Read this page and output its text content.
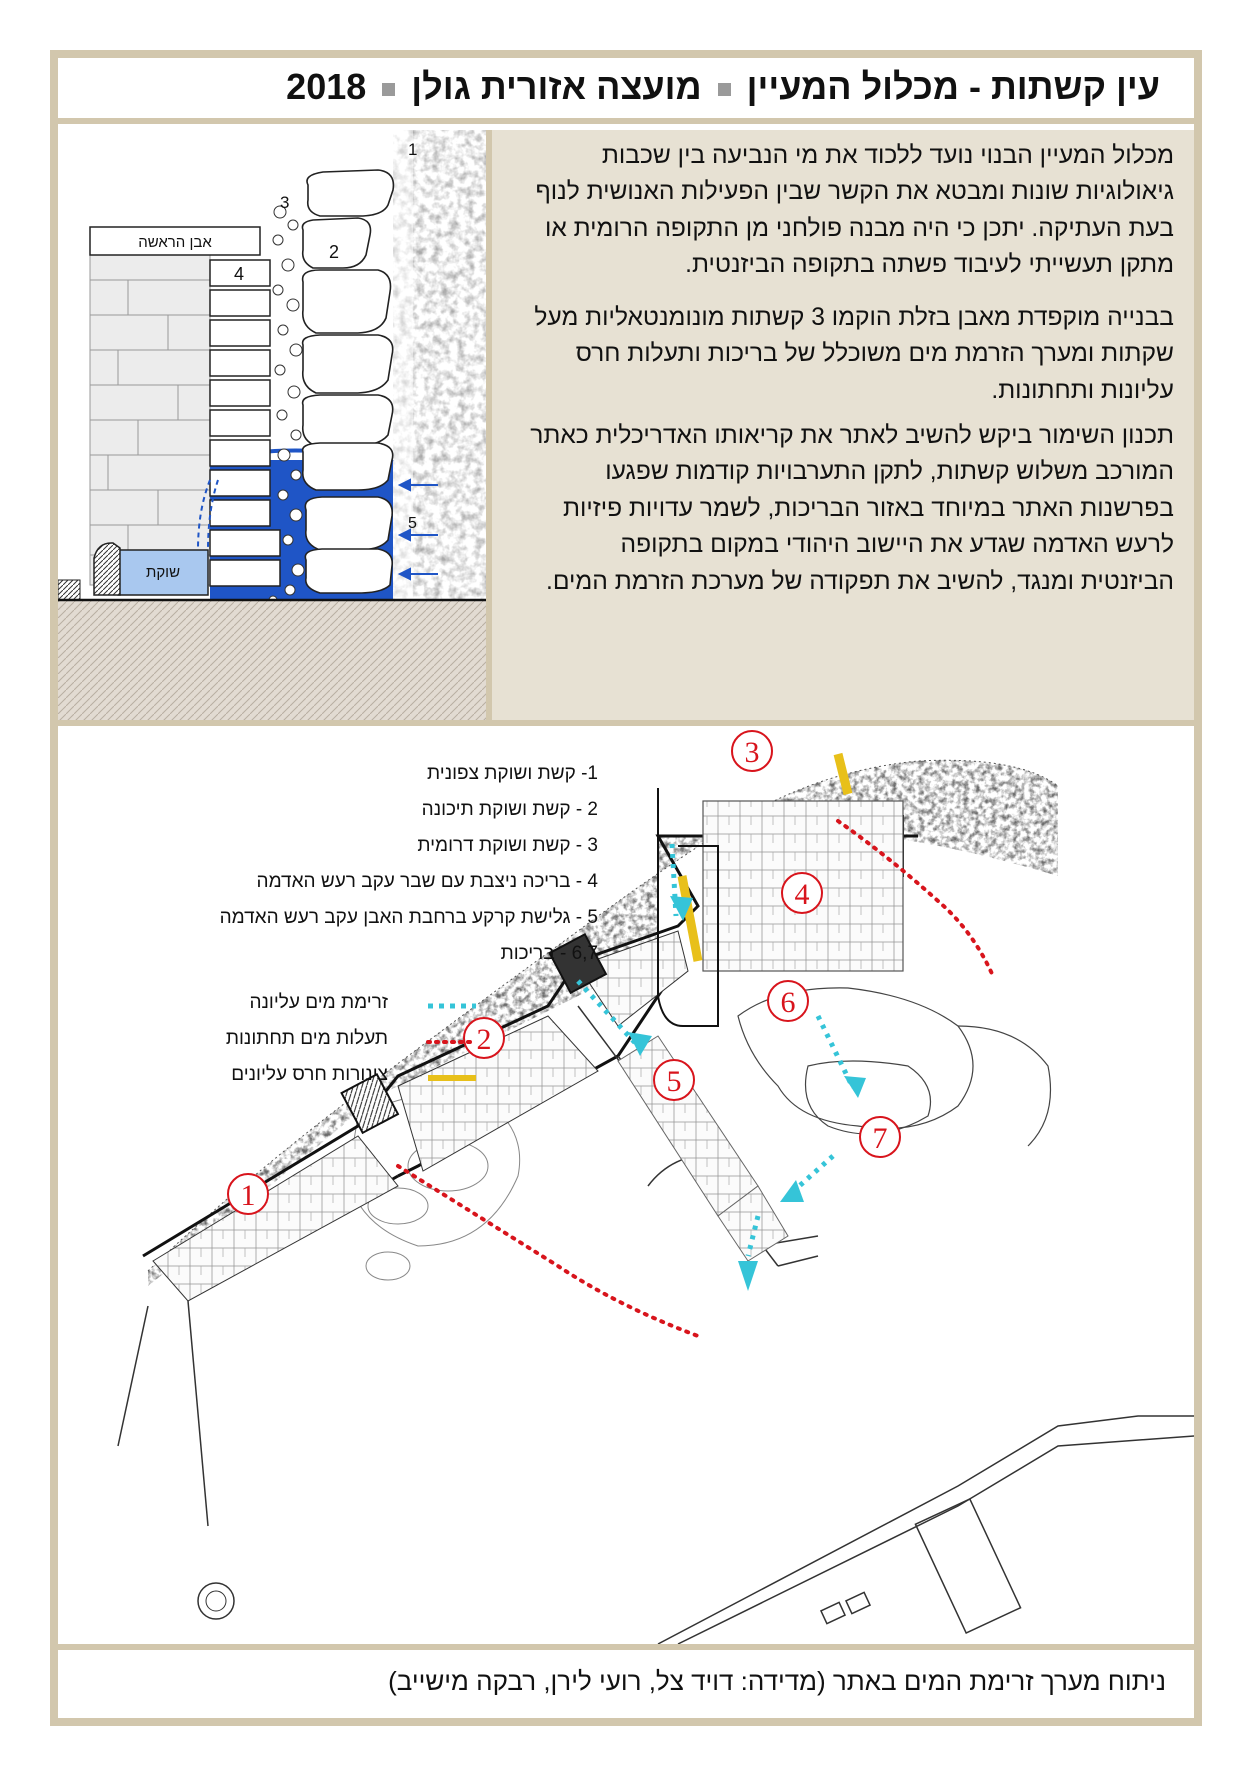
עין קשתות - מכלול המעייןמועצה אזורית גולן2018
אבן הראשה
שוקת
1
3
2
4
5

מכלול המעיין הבנוי נועד ללכוד את מי הנביעה בין שכבות גיאולוגיות שונות ומבטא את הקשר שבין הפעילות האנושית לנוף בעת העתיקה. יתכן כי היה מבנה פולחני מן התקופה הרומית או מתקן תעשייתי לעיבוד פשתה בתקופה הביזנטית.

בבנייה מוקפדת מאבן בזלת הוקמו 3 קשתות מונומנטאליות מעל שקתות ומערך הזרמת מים משוכלל של בריכות ותעלות חרס עליונות ותחתונות.

תכנון השימור ביקש להשיב לאתר את קריאותו האדריכלית כאתר המורכב משלוש קשתות, לתקן התערבויות קודמות שפגעו בפרשנות האתר במיוחד באזור הבריכות, לשמר עדויות פיזיות לרעש האדמה שגדע את היישוב היהודי במקום בתקופה הביזנטית ומנגד, להשיב את תפקודה של מערכת הזרמת המים.

1
2
3
4
5
6
7
1- קשת ושוקת צפונית
2 - קשת ושוקת תיכונה
3 - קשת ושוקת דרומית
4 - בריכה ניצבת עם שבר עקב רעש האדמה
5 - גלישת קרקע ברחבת האבן עקב רעש האדמה
6,7 - בריכות
זרימת מים עליונה
תעלות מים תחתונות
צינורות חרס עליונים
ניתוח מערך זרימת המים באתר (מדידה: דויד צל, רועי לירן, רבקה מישייב)
